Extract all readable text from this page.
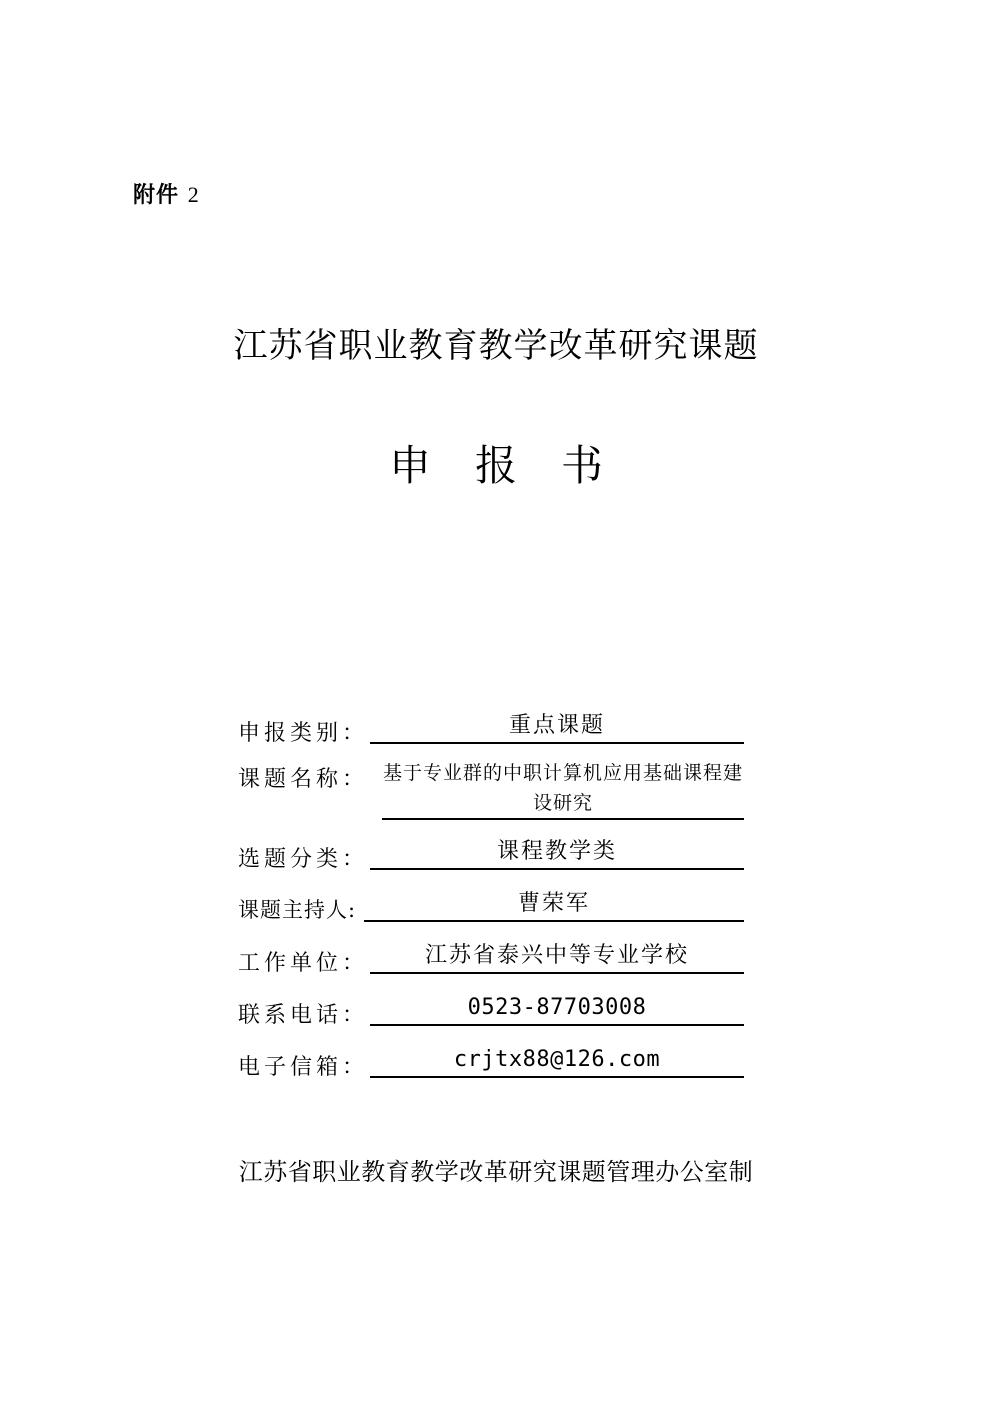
附件 2
江苏省职业教育教学改革研究课题
申报书
申报类别：	重点课题
课题名称： 基于专业群的中职计算机应用基础课程建设研究
选题分类：	课程教学类
课题主持人:	曹荣军
工作单位：	江苏省泰兴中等专业学校
联系电话：	0523-87703008
电子信箱：	crjtx88@126.com
江苏省职业教育教学改革研究课题管理办公室制
